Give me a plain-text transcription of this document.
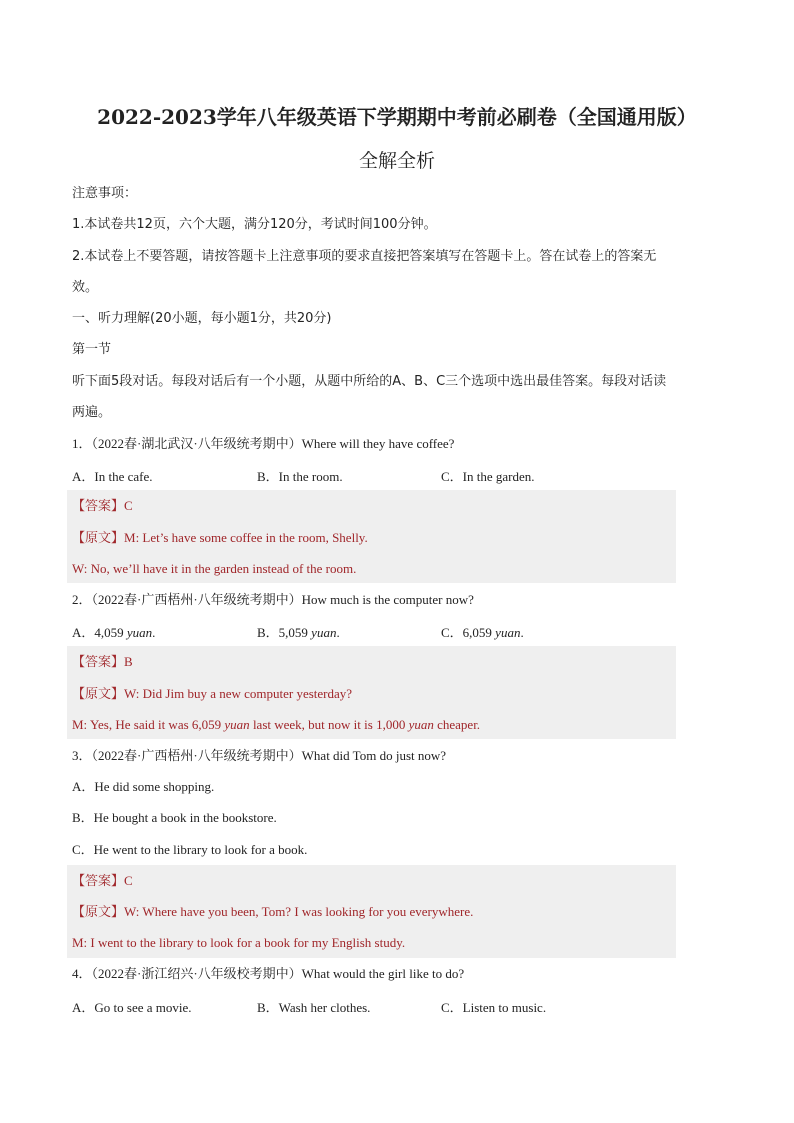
2022-2023学年八年级英语下学期期中考前必刷卷（全国通用版）
全解全析
注意事项：
1.本试卷共12页，六个大题，满分120分，考试时间100分钟。
2.本试卷上不要答题，请按答题卡上注意事项的要求直接把答案填写在答题卡上。答在试卷上的答案无效。
一、听力理解(20小题，每小题1分，共20分)
第一节
听下面5段对话。每段对话后有一个小题，从题中所给的A、B、C三个选项中选出最佳答案。每段对话读两遍。
1．（2022春·湖北武汉·八年级统考期中）Where will they have coffee?
A．In the cafe.	B．In the room.	C．In the garden.
【答案】C
【原文】M: Let’s have some coffee in the room, Shelly.
W: No, we’ll have it in the garden instead of the room.
2．（2022春·广西梧州·八年级统考期中）How much is the computer now?
A．4,059 yuan.	B．5,059 yuan.	C．6,059 yuan.
【答案】B
【原文】W: Did Jim buy a new computer yesterday?
M: Yes, He said it was 6,059 yuan last week, but now it is 1,000 yuan cheaper.
3．（2022春·广西梧州·八年级统考期中）What did Tom do just now?
A．He did some shopping.
B．He bought a book in the bookstore.
C．He went to the library to look for a book.
【答案】C
【原文】W: Where have you been, Tom? I was looking for you everywhere.
M: I went to the library to look for a book for my English study.
4．（2022春·浙江绍兴·八年级校考期中）What would the girl like to do?
A．Go to see a movie.	B．Wash her clothes.	C．Listen to music.
